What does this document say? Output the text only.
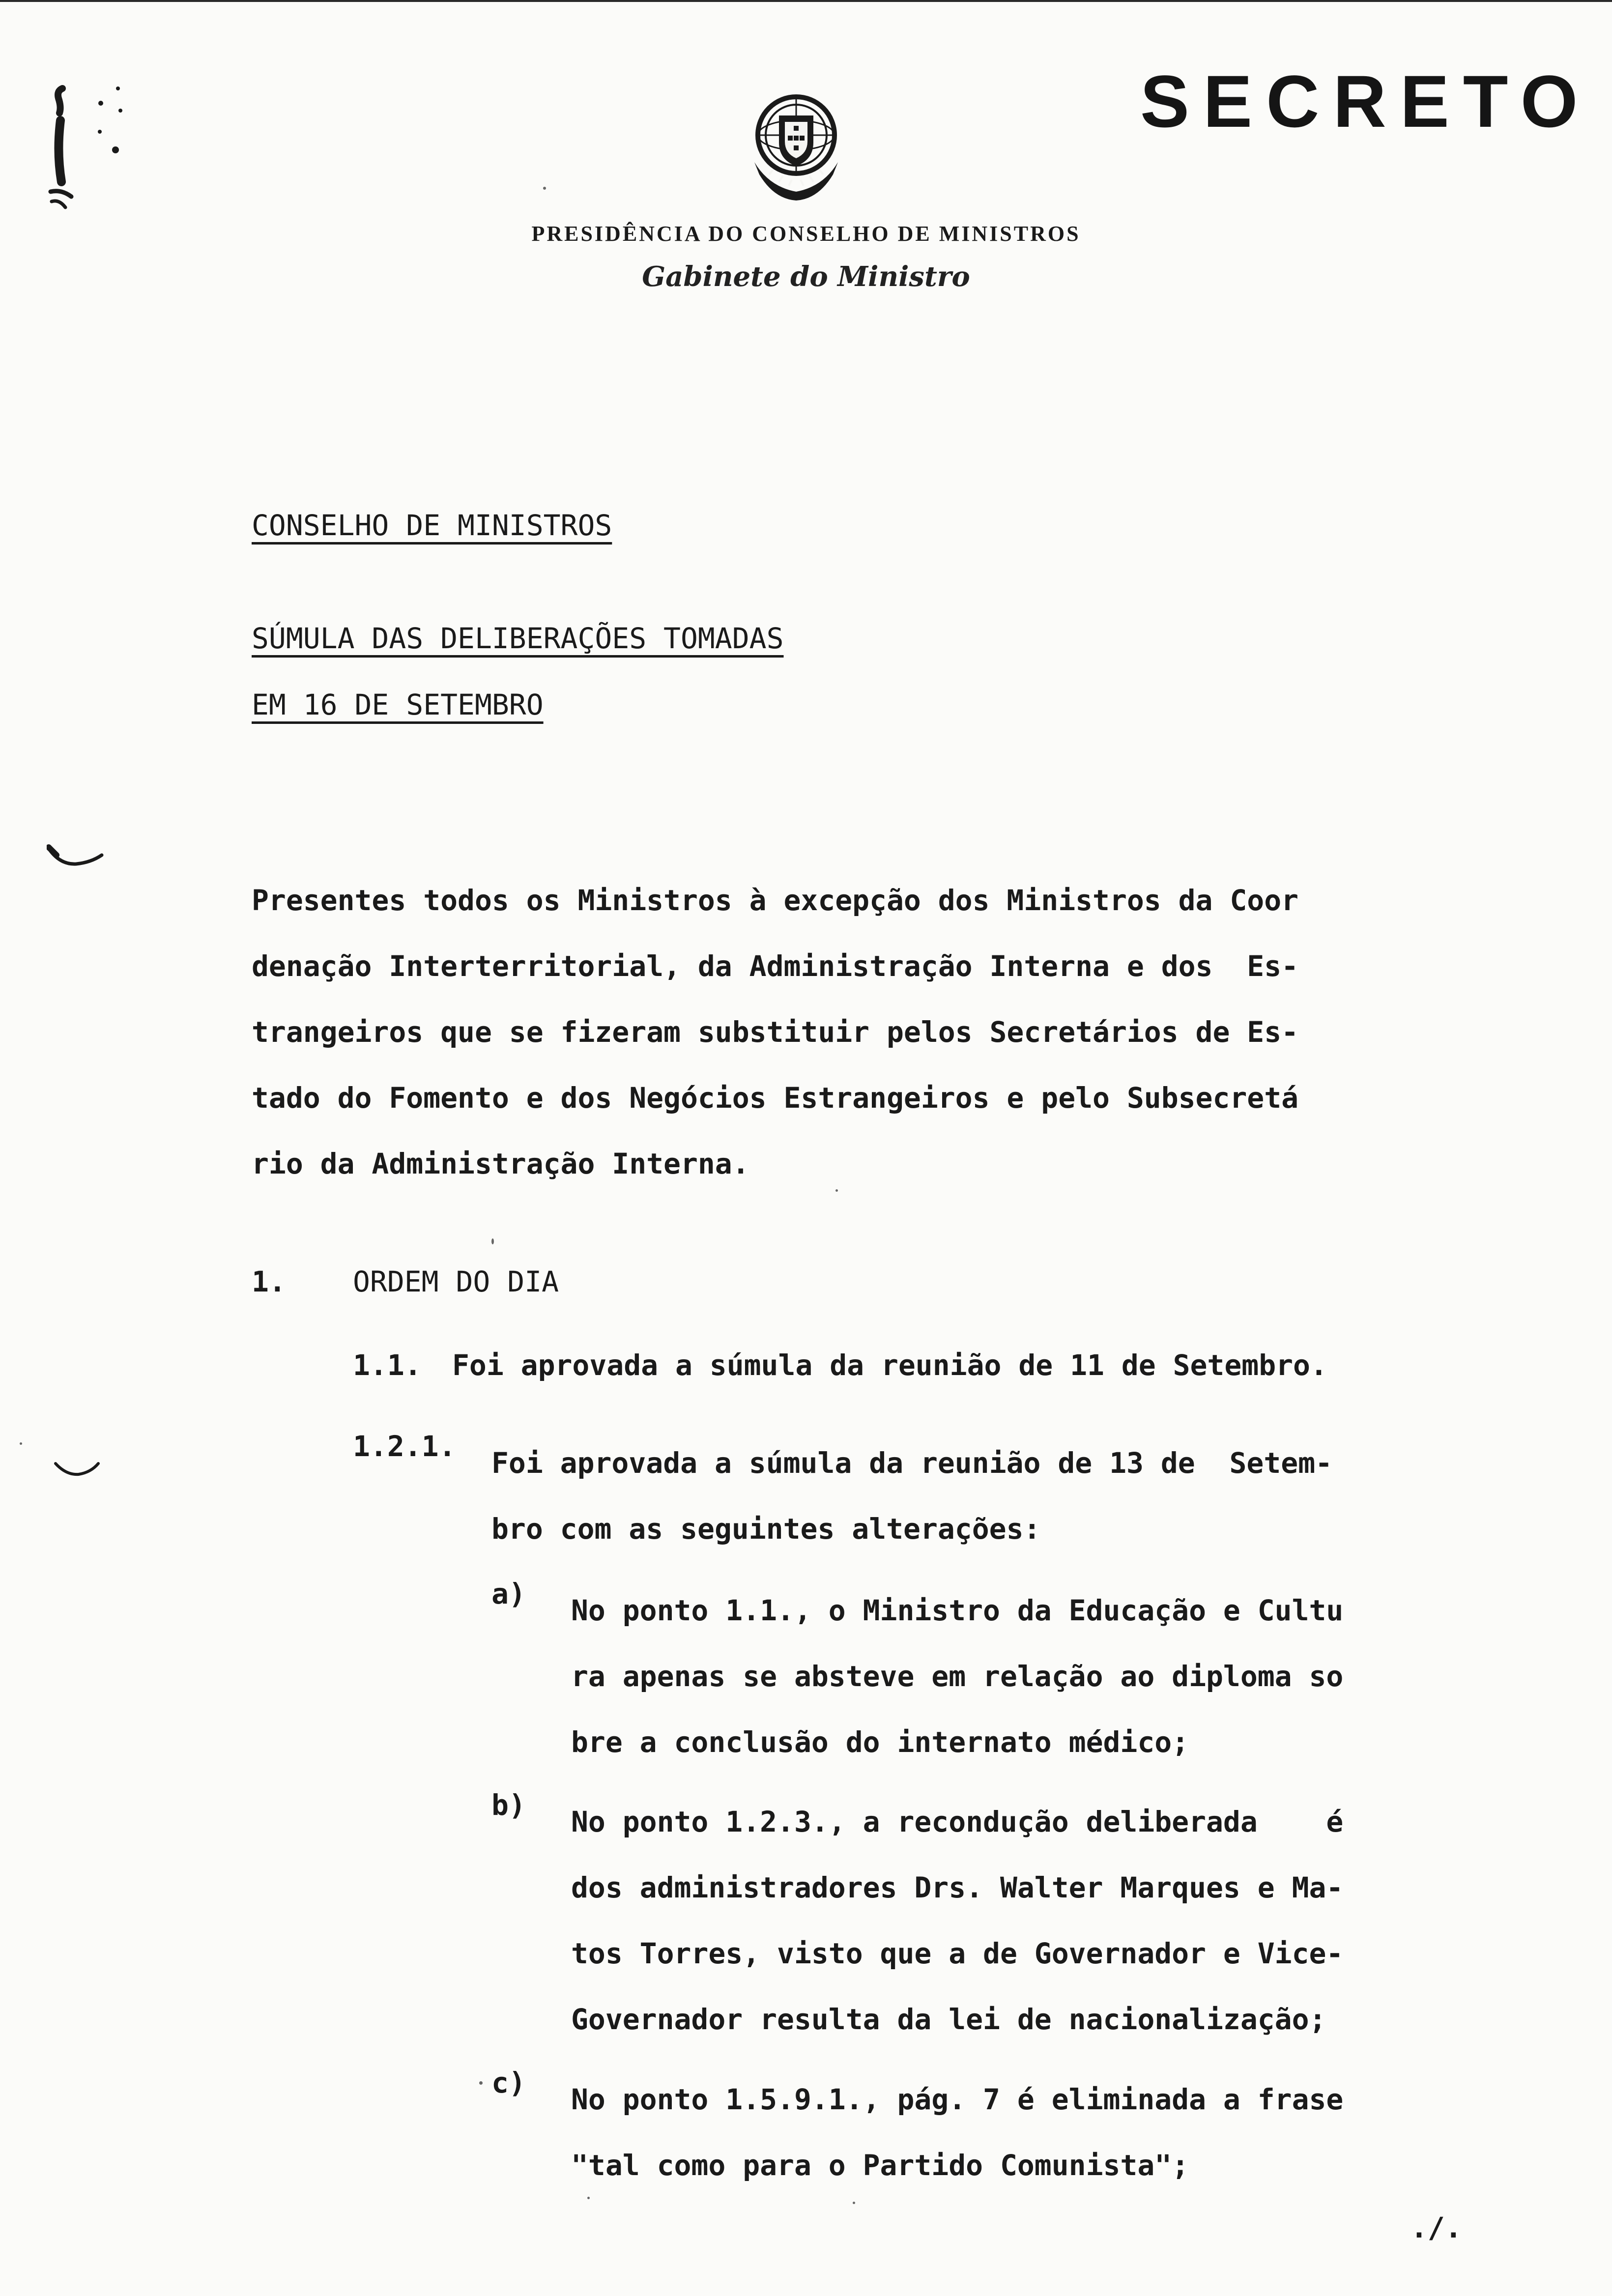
SECRETO
PRESIDÊNCIA DO CONSELHO DE MINISTROS
Gabinete do Ministro
CONSELHO DE MINISTROS
SÚMULA DAS DELIBERAÇÕES TOMADAS
EM 16 DE SETEMBRO
Presentes todos os Ministros à excepção dos Ministros da Coor
denação Interterritorial, da Administração Interna e dos  Es-
trangeiros que se fizeram substituir pelos Secretários de Es-
tado do Fomento e dos Negócios Estrangeiros e pelo Subsecretá
rio da Administração Interna.
1. ORDEM DO DIA
1.1. Foi aprovada a súmula da reunião de 11 de Setembro.
1.2.1. Foi aprovada a súmula da reunião de 13 de  Setem-
bro com as seguintes alterações:
a) No ponto 1.1., o Ministro da Educação e Cultu
ra apenas se absteve em relação ao diploma so
bre a conclusão do internato médico;
b) No ponto 1.2.3., a recondução deliberada    é
dos administradores Drs. Walter Marques e Ma-
tos Torres, visto que a de Governador e Vice-
Governador resulta da lei de nacionalização;
c) No ponto 1.5.9.1., pág. 7 é eliminada a frase
"tal como para o Partido Comunista";
./.
